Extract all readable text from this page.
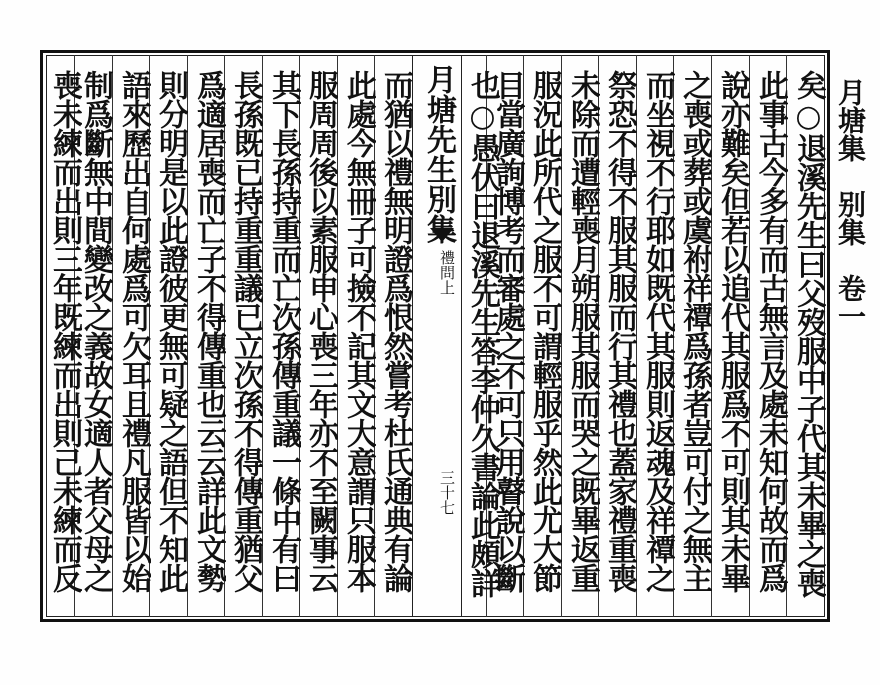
月塘集　别集　卷一
月塘先生別集
禮問上
三十七	矣○退溪先生曰父歿服中子代其未畢之喪
此事古今多有而古無言及處未知何故而爲
說亦難矣但若以追代其服爲不可則其未畢
之喪或葬或虞祔祥禫爲孫者豈可付之無主
而坐視不行耶如既代其服則返魂及祥禫之
祭恐不得不服其服而行其禮也蓋家禮重喪
未除而遭輕喪月朔服其服而哭之既畢返重
服況此所代之服不可謂輕服乎然此尤大節
目當廣詢博考而審處之不可只用瞽說以斷
也○愚伏曰退溪先生答李仲久書論此頗詳
而猶以禮無明證爲恨然嘗考杜氏通典有論
此處今無冊子可撿不記其文大意謂只服本
服周周後以素服申心喪三年亦不至闕事云
其下長孫持重而亡次孫傳重議一條中有曰
長孫既已持重重議已立次孫不得傳重猶父
爲適居喪而亡子不得傳重也云云詳此文勢
則分明是以此證彼更無可疑之語但不知此
語來歷出自何處爲可欠耳且禮凡服皆以始
制爲斷無中間變改之義故女適人者父母之
喪未練而出則三年既練而出則己未練而反
